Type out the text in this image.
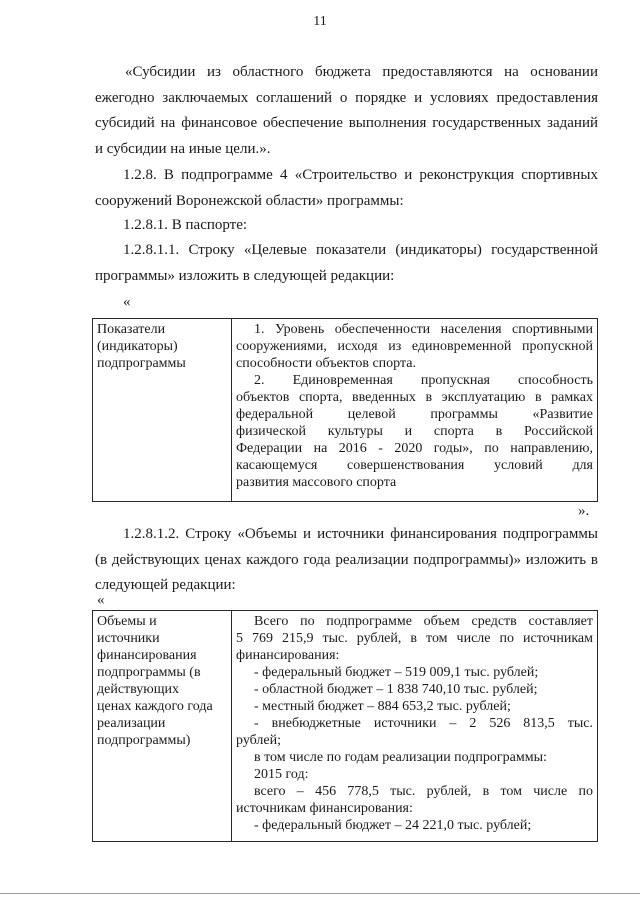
11
«Субсидии из областного бюджета предоставляются на основании
ежегодно заключаемых соглашений о порядке и условиях предоставления
субсидий на финансовое обеспечение выполнения государственных заданий
и субсидии на иные цели.».
1.2.8. В подпрограмме 4 «Строительство и реконструкция спортивных
сооружений Воронежской области» программы:
1.2.8.1. В паспорте:
1.2.8.1.1. Строку «Целевые показатели (индикаторы) государственной
программы» изложить в следующей редакции:
«
Показатели
(индикаторы)
подпрограммы

1. Уровень обеспеченности населения спортивными
сооружениями, исходя из единовременной пропускной
способности объектов спорта.
2. Единовременная пропускная способность
объектов спорта, введенных в эксплуатацию в рамках
федеральной целевой программы «Развитие
физической культуры и спорта в Российской
Федерации на 2016 - 2020 годы», по направлению,
касающемуся совершенствования условий для
развития массового спорта
».
1.2.8.1.2. Строку «Объемы и источники финансирования подпрограммы
(в действующих ценах каждого года реализации подпрограммы)» изложить в
следующей редакции:
«
Объемы и
источники
финансирования
подпрограммы (в
действующих
ценах каждого года
реализации
подпрограммы)

Всего по подпрограмме объем средств составляет
5 769 215,9 тыс. рублей, в том числе по источникам
финансирования:
- федеральный бюджет – 519 009,1 тыс. рублей;
- областной бюджет – 1 838 740,10 тыс. рублей;
- местный бюджет – 884 653,2 тыс. рублей;
- внебюджетные источники – 2 526 813,5 тыс.
рублей;
в том числе по годам реализации подпрограммы:
2015 год:
всего – 456 778,5 тыс. рублей, в том числе по
источникам финансирования:
- федеральный бюджет – 24 221,0 тыс. рублей;
